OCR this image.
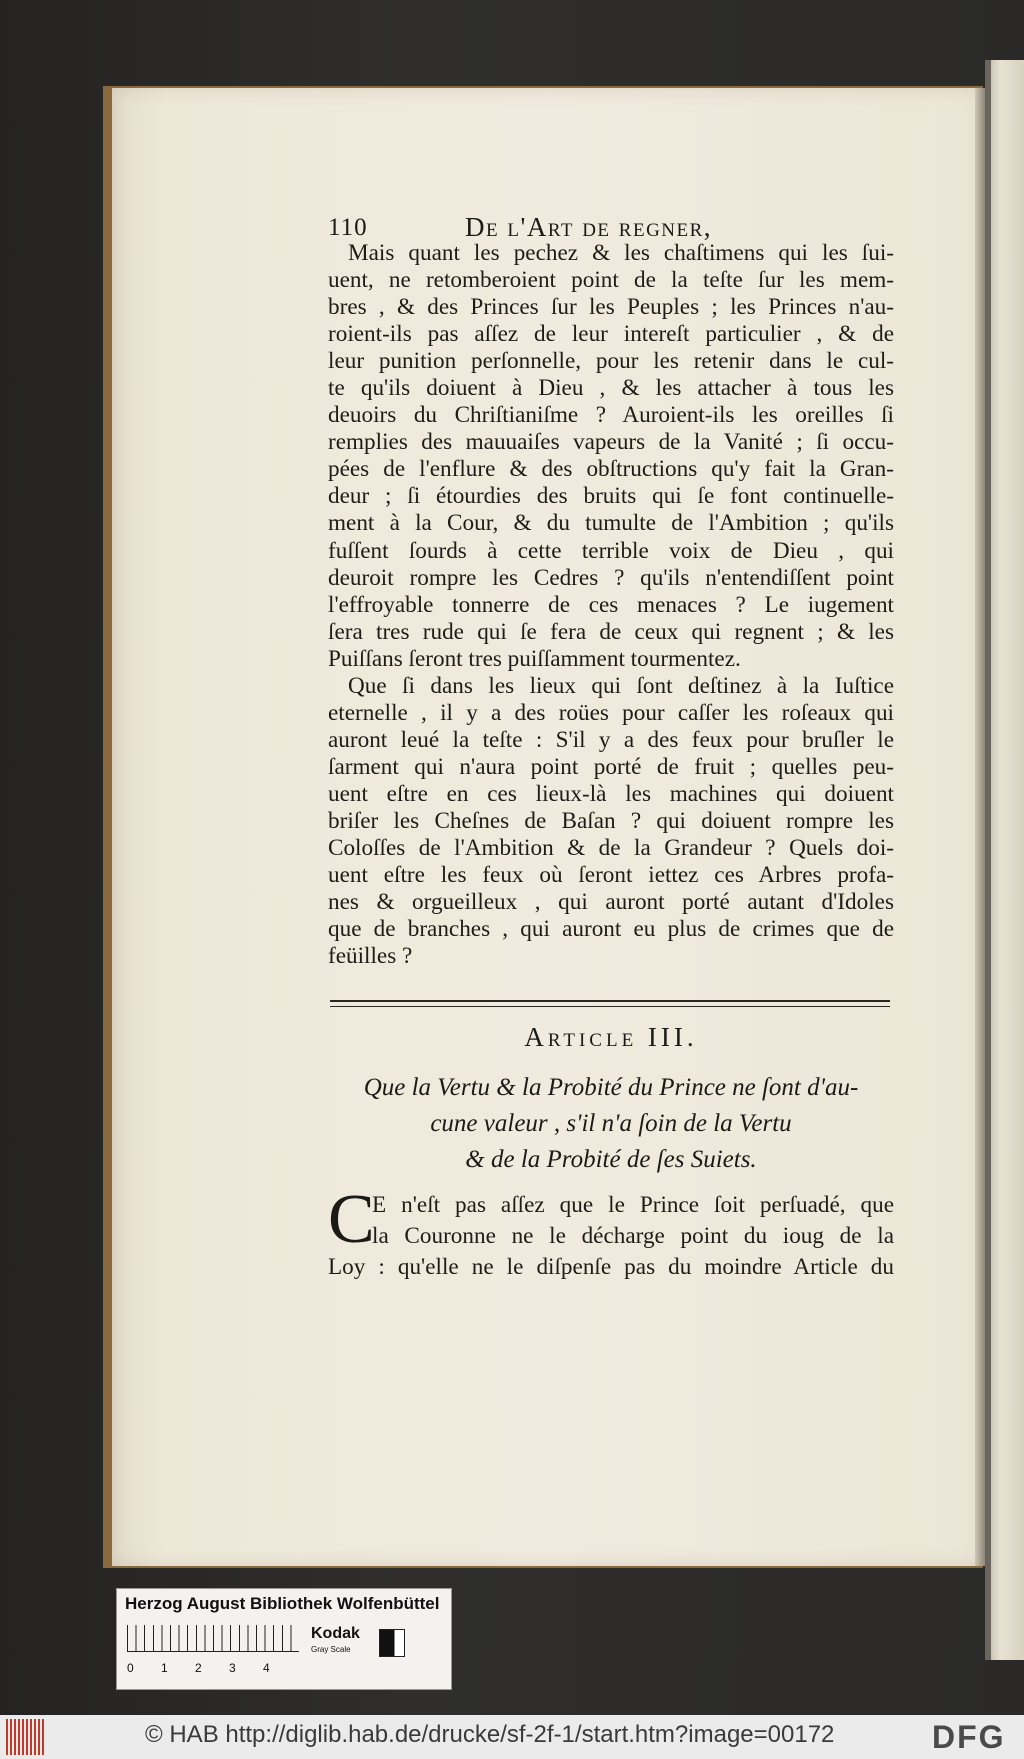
110	De l'Art de regner,
Mais quant les pechez & les chaſtimens qui les ſui-
uent, ne retomberoient point de la teſte ſur les mem-
bres , & des Princes ſur les Peuples ; les Princes n'au-
roient-ils pas aſſez de leur intereſt particulier , & de
leur punition perſonnelle, pour les retenir dans le cul-
te qu'ils doiuent à Dieu , & les attacher à tous les
deuoirs du Chriſtianiſme ? Auroient-ils les oreilles ſi
remplies des mauuaiſes vapeurs de la Vanité ; ſi occu-
pées de l'enflure & des obſtructions qu'y fait la Gran-
deur ; ſi étourdies des bruits qui ſe font continuelle-
ment à la Cour, & du tumulte de l'Ambition ; qu'ils
fuſſent ſourds à cette terrible voix de Dieu , qui
deuroit rompre les Cedres ? qu'ils n'entendiſſent point
l'effroyable tonnerre de ces menaces ? Le iugement
ſera tres rude qui ſe fera de ceux qui regnent ; & les
Puiſſans ſeront tres puiſſamment tourmentez.
Que ſi dans les lieux qui ſont deſtinez à la Iuſtice
eternelle , il y a des roües pour caſſer les roſeaux qui
auront leué la teſte : S'il y a des feux pour bruſler le
ſarment qui n'aura point porté de fruit ; quelles peu-
uent eſtre en ces lieux-là les machines qui doiuent
briſer les Cheſnes de Baſan ? qui doiuent rompre les
Coloſſes de l'Ambition & de la Grandeur ? Quels doi-
uent eſtre les feux où ſeront iettez ces Arbres profa-
nes & orgueilleux , qui auront porté autant d'Idoles
que de branches , qui auront eu plus de crimes que de
feüilles ?
Article III.
Que la Vertu & la Probité du Prince ne ſont d'au-
cune valeur , s'il n'a ſoin de la Vertu
& de la Probité de ſes Suiets.
C
E n'eſt pas aſſez que le Prince ſoit perſuadé, que
la Couronne ne le décharge point du ioug de la
Loy : qu'elle ne le diſpenſe pas du moindre Article du
Herzog August Bibliothek Wolfenbüttel
0	1	2	3	4
Kodak
Gray Scale
© HAB http://diglib.hab.de/drucke/sf-2f-1/start.htm?image=00172	DFG
